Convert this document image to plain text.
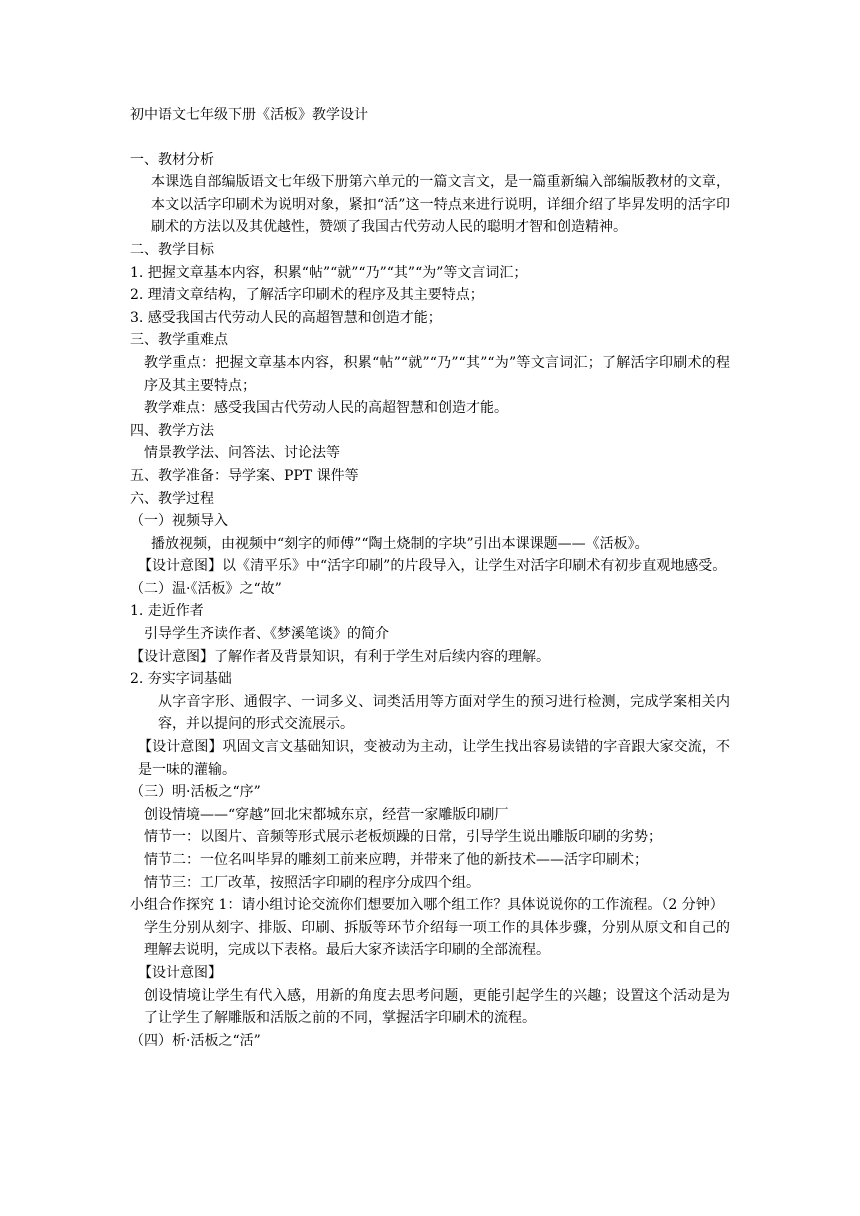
初中语文七年级下册《活板》教学设计
一、教材分析
本课选自部编版语文七年级下册第六单元的一篇文言文，是一篇重新编入部编版教材的文章，本文以活字印刷术为说明对象，紧扣“活”这一特点来进行说明，详细介绍了毕昇发明的活字印刷术的方法以及其优越性，赞颂了我国古代劳动人民的聪明才智和创造精神。
二、教学目标
1. 把握文章基本内容，积累“帖”“就”“乃”“其”“为”等文言词汇；
2. 理清文章结构，了解活字印刷术的程序及其主要特点；
3. 感受我国古代劳动人民的高超智慧和创造才能；
三、教学重难点
教学重点：把握文章基本内容，积累“帖”“就”“乃”“其”“为”等文言词汇；了解活字印刷术的程序及其主要特点；
教学难点：感受我国古代劳动人民的高超智慧和创造才能。
四、教学方法
情景教学法、问答法、讨论法等
五、教学准备：导学案、PPT 课件等
六、教学过程
（一）视频导入
播放视频，由视频中“刻字的师傅”“陶土烧制的字块”引出本课课题——《活板》。
【设计意图】以《清平乐》中“活字印刷”的片段导入，让学生对活字印刷术有初步直观地感受。
（二）温·《活板》之“故”
1. 走近作者
引导学生齐读作者、《梦溪笔谈》的简介
【设计意图】了解作者及背景知识，有利于学生对后续内容的理解。
2. 夯实字词基础
从字音字形、通假字、一词多义、词类活用等方面对学生的预习进行检测，完成学案相关内容，并以提问的形式交流展示。
【设计意图】巩固文言文基础知识，变被动为主动，让学生找出容易读错的字音跟大家交流，不是一味的灌输。
（三）明·活板之“序”
创设情境——“穿越”回北宋都城东京，经营一家雕版印刷厂
情节一：以图片、音频等形式展示老板烦躁的日常，引导学生说出雕版印刷的劣势；
情节二：一位名叫毕昇的雕刻工前来应聘，并带来了他的新技术——活字印刷术；
情节三：工厂改革，按照活字印刷的程序分成四个组。
小组合作探究 1：请小组讨论交流你们想要加入哪个组工作？具体说说你的工作流程。（2 分钟）
学生分别从刻字、排版、印刷、拆版等环节介绍每一项工作的具体步骤，分别从原文和自己的理解去说明，完成以下表格。最后大家齐读活字印刷的全部流程。
【设计意图】
创设情境让学生有代入感，用新的角度去思考问题，更能引起学生的兴趣；设置这个活动是为了让学生了解雕版和活版之前的不同，掌握活字印刷术的流程。
（四）析·活板之“活”
